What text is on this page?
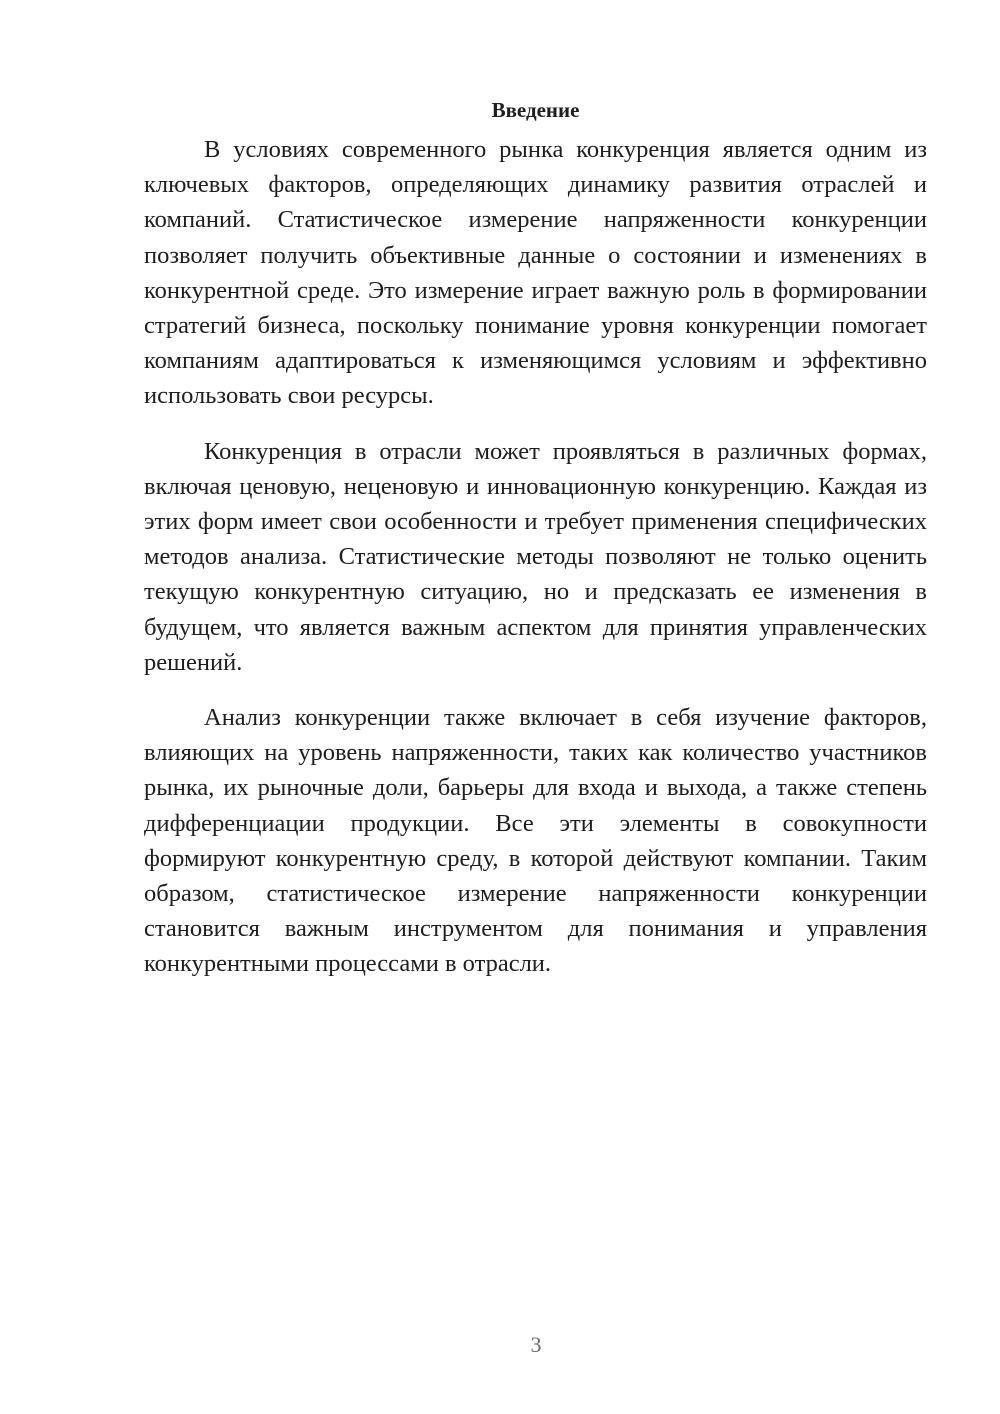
Введение

В условиях современного рынка конкуренция является одним из ключевых факторов, определяющих динамику развития отраслей и компаний. Статистическое измерение напряженности конкуренции позволяет получить объективные данные о состоянии и изменениях в конкурентной среде. Это измерение играет важную роль в формировании стратегий бизнеса, поскольку понимание уровня конкуренции помогает компаниям адаптироваться к изменяющимся условиям и эффективно использовать свои ресурсы.

Конкуренция в отрасли может проявляться в различных формах, включая ценовую, неценовую и инновационную конкуренцию. Каждая из этих форм имеет свои особенности и требует применения специфических методов анализа. Статистические методы позволяют не только оценить текущую конкурентную ситуацию, но и предсказать ее изменения в будущем, что является важным аспектом для принятия управленческих решений.

Анализ конкуренции также включает в себя изучение факторов, влияющих на уровень напряженности, таких как количество участников рынка, их рыночные доли, барьеры для входа и выхода, а также степень дифференциации продукции. Все эти элементы в совокупности формируют конкурентную среду, в которой действуют компании. Таким образом, статистическое измерение напряженности конкуренции становится важным инструментом для понимания и управления конкурентными процессами в отрасли.

3
